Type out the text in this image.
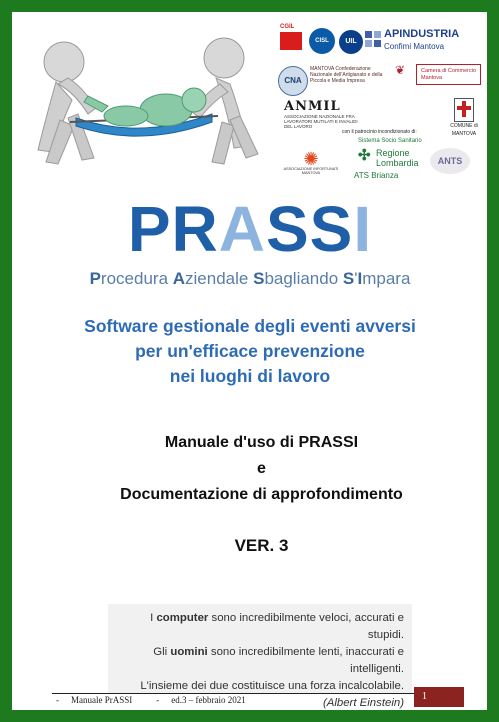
CGIL
CISL	UIL
APINDUSTRIA
Confimi Mantova
CNA
MANTOVA Confederazione Nazionale dell'Artigianato e della Piccola e Media Impresa
❦	Camera di Commercio
Mantova
ANMIL
ASSOCIAZIONE NAZIONALE FRA LAVORATORI MUTILATI E INVALIDI DEL LAVORO	COMUNE di
MANTOVA
con il patrocinio incondizionato di:
Sistema Socio Sanitario
✣ Regione
Lombardia
ATS Brianza
ANTS
✺
ASSOCIAZIONE INFORTUNATI MANTOVA
PRASSI
Procedura Aziendale Sbagliando S'Impara
Software gestionale degli eventi avversi
per un'efficace prevenzione
nei luoghi di lavoro
Manuale d'uso di PRASSI
e
Documentazione di approfondimento
VER. 3
I computer sono incredibilmente veloci, accurati e stupidi.
Gli uomini sono incredibilmente lenti, inaccurati e intelligenti.
L'insieme dei due costituisce una forza incalcolabile.
(Albert Einstein)
- Manuale PrASSI	- ed.3 – febbraio 2021	1
